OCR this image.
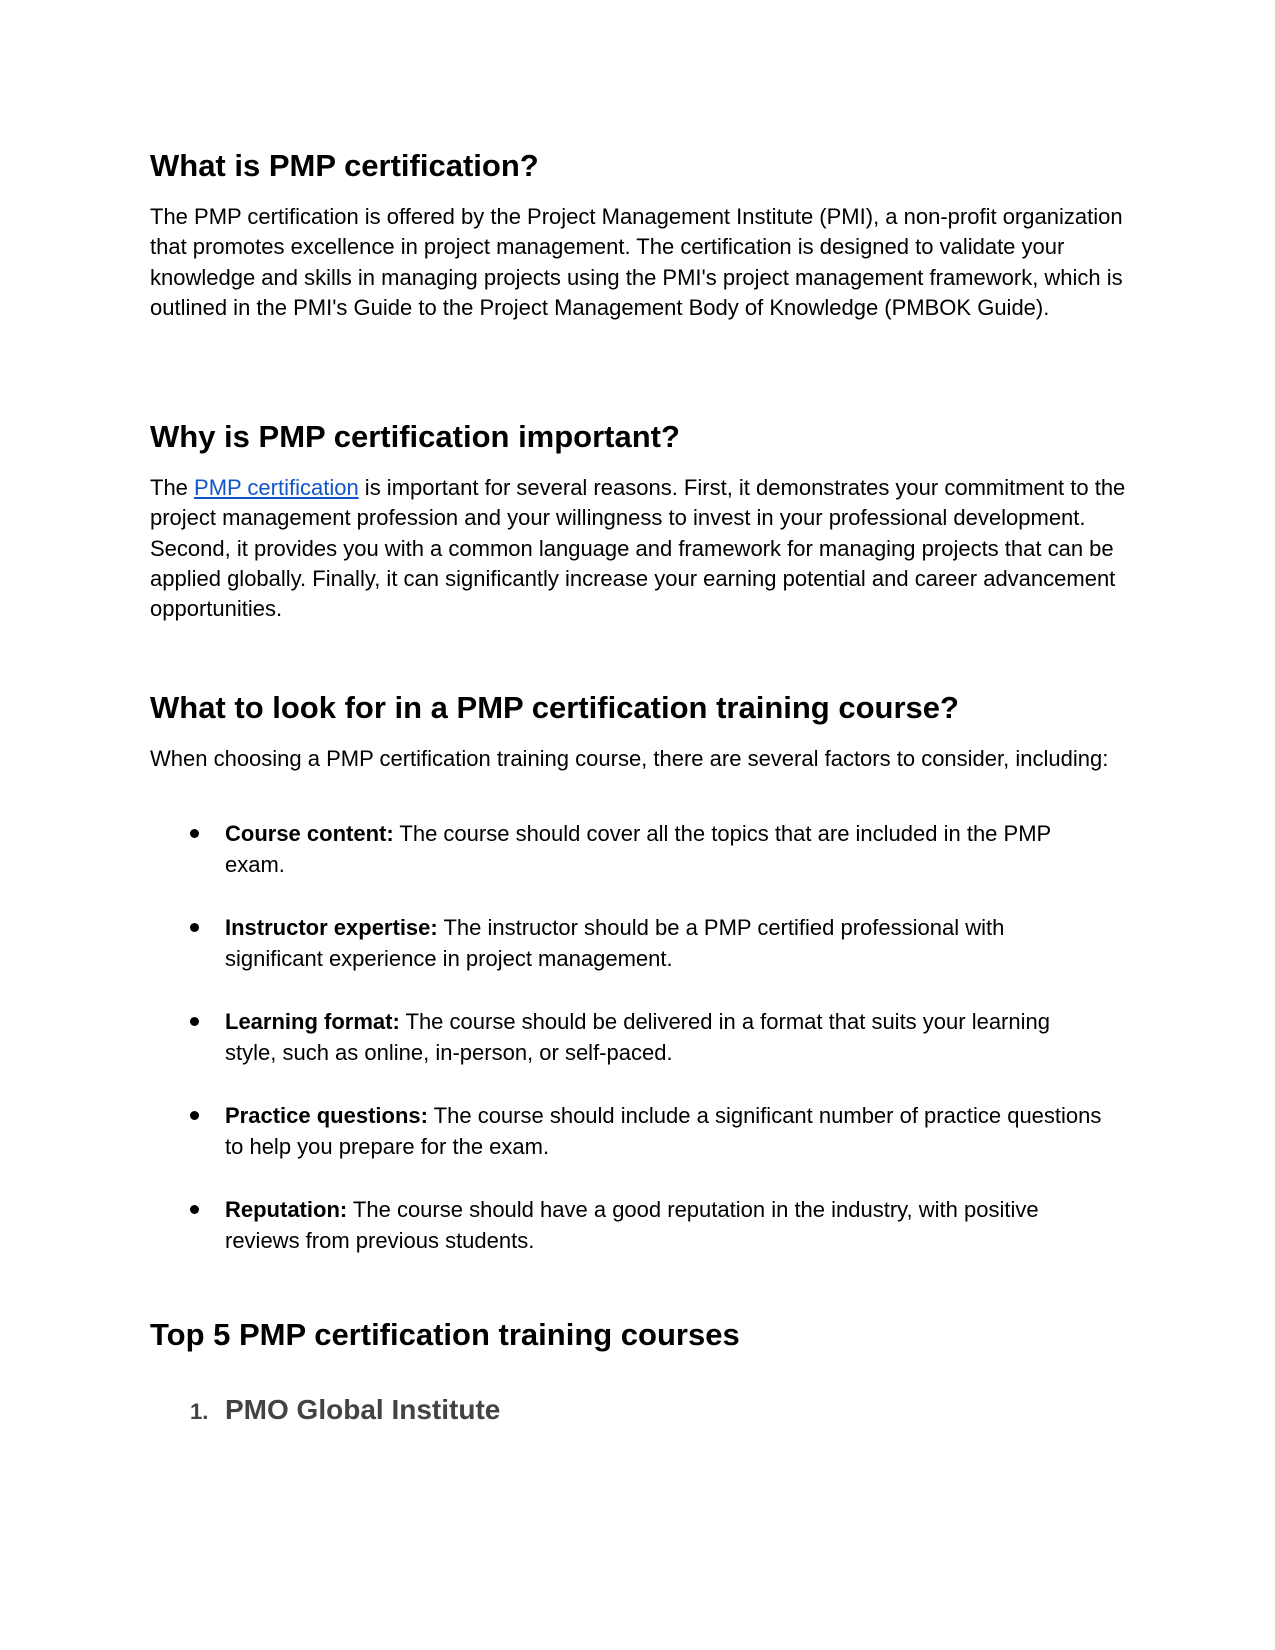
What is PMP certification?

The PMP certification is offered by the Project Management Institute (PMI), a non-profit organization that promotes excellence in project management. The certification is designed to validate your knowledge and skills in managing projects using the PMI's project management framework, which is outlined in the PMI's Guide to the Project Management Body of Knowledge (PMBOK Guide).

Why is PMP certification important?

The PMP certification is important for several reasons. First, it demonstrates your commitment to the project management profession and your willingness to invest in your professional development. Second, it provides you with a common language and framework for managing projects that can be applied globally. Finally, it can significantly increase your earning potential and career advancement opportunities.

What to look for in a PMP certification training course?

When choosing a PMP certification training course, there are several factors to consider, including:

Course content: The course should cover all the topics that are included in the PMP exam.
Instructor expertise: The instructor should be a PMP certified professional with significant experience in project management.
Learning format: The course should be delivered in a format that suits your learning style, such as online, in-person, or self-paced.
Practice questions: The course should include a significant number of practice questions to help you prepare for the exam.
Reputation: The course should have a good reputation in the industry, with positive reviews from previous students.
Top 5 PMP certification training courses
1. PMO Global Institute
